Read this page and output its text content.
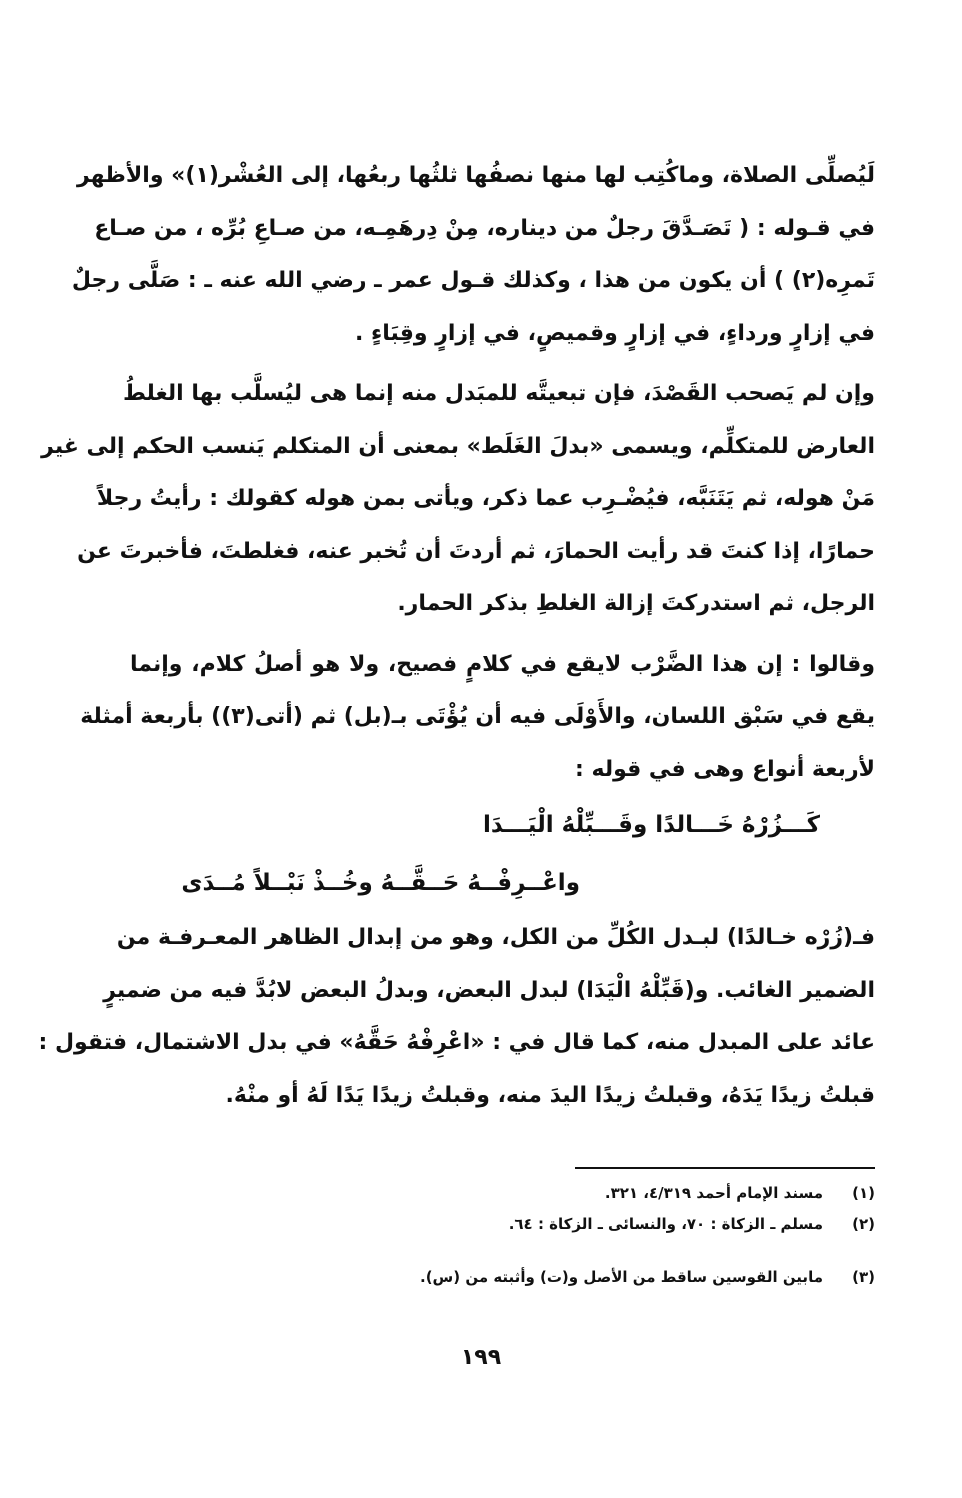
لَيُصلِّى الصلاة، وماكُتِب لها منها نصفُها ثلثُها ربعُها، إلى العُشْر(١)» والأظهر
في قـوله : ( تَصَـدَّقَ رجلٌ من ديناره، مِنْ دِرهَمِـه، من صـاعِ بُرِّه ، من صـاع
تَمرِه(٢) ) أن يكون من هذا ، وكذلك قـول عمر ـ رضي الله عنه ـ : صَلَّى رجلٌ
في إزارٍ ورداءٍ، في إزارٍ وقميصٍ، في إزارٍ وقِبَاءٍ .
وإن لم يَصحب القَصْدَ، فإن تبعيتَّه للمبَدل منه إنما هى ليُسلَّب بها الغلطُ
العارض للمتكلِّم، ويسمى «بدلَ الغَلَط» بمعنى أن المتكلم يَنسب الحكم إلى غير
مَنْ هوله، ثم يَتَنَبَّه، فيُضْـرِب عما ذكر، ويأتى بمن هوله كقولك : رأيتُ رجلاً
حمارًا، إذا كنتَ قد رأيت الحمارَ، ثم أردتَ أن تُخبر عنه، فغلطتَ، فأخبرتَ عن
الرجل، ثم استدركتَ إزالة الغلطِ بذكر الحمار.
وقالوا : إن هذا الضَّرْب لايقع في كلامٍ فصيح، ولا هو أصلُ كلام، وإنما
يقع في سَبْق اللسان، والأَوْلَى فيه أن يُؤْتَى بـ(بل) ثم (أتى(٣)) بأربعة أمثلة
لأربعة أنواع وهى في قوله :
كَـــزُرْهُ خَـــالدًا وقَـــبِّلْهُ الْيَـــدَا
واعْــرِفْــهُ حَــقَّــهُ وخُــذْ نَبْــلاً مُــدَى
فـ(زُرْه خـالدًا) لبـدل الكُلِّ من الكل، وهو من إبدال الظاهر المعـرفـة من
الضمير الغائب. و(قَبِّلْهُ الْيَدَا) لبدل البعض، وبدلُ البعض لابُدَّ فيه من ضميرٍ
عائد على المبدل منه، كما قال في : «اعْرِفْهُ حَقَّهُ» في بدل الاشتمال، فتقول :
قبلتُ زيدًا يَدَهُ، وقبلتُ زيدًا اليدَ منه، وقبلتُ زيدًا يَدًا لَهُ أو منْهُ.
(١)مسند الإمام أحمد ٤/٣١٩، ٣٢١.
(٢)مسلم ـ الزكاة : ٧٠، والنسائى ـ الزكاة : ٦٤.
(٣)مابين القوسين ساقط من الأصل و(ت) وأثبته من (س).
١٩٩
